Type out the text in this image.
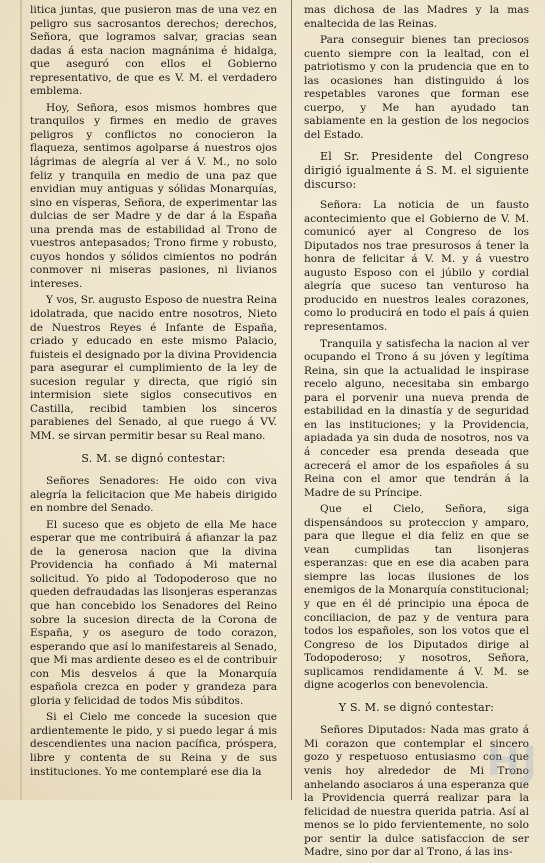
litica juntas, que pusieron mas de una vez en peligro sus sacrosantos derechos; derechos, Señora, que logramos salvar, gracias sean dadas á esta nacion magnánima é hidalga, que aseguró con ellos el Gobierno representativo, de que es V. M. el verdadero emblema.

Hoy, Señora, esos mismos hombres que tranquilos y firmes en medio de graves peligros y conflictos no conocieron la flaqueza, sentimos agolparse á nuestros ojos lágrimas de alegría al ver á V. M., no solo feliz y tranquila en medio de una paz que envidian muy antiguas y sólidas Monarquías, sino en vísperas, Señora, de experimentar las dulcias de ser Madre y de dar á la España una prenda mas de estabilidad al Trono de vuestros antepasados; Trono firme y robusto, cuyos hondos y sólidos cimientos no podrán conmover ni miseras pasiones, ni livianos intereses.

Y vos, Sr. augusto Esposo de nuestra Reina idolatrada, que nacido entre nosotros, Nieto de Nuestros Reyes é Infante de España, criado y educado en este mismo Palacio, fuisteis el designado por la divina Providencia para asegurar el cumplimiento de la ley de sucesion regular y directa, que rigió sin intermision siete siglos consecutivos en Castilla, recibid tambien los sinceros parabienes del Senado, al que ruego á VV. MM. se sirvan permitir besar su Real mano.

S. M. se dignó contestar:

Señores Senadores: He oido con viva alegría la felicitacion que Me habeis dirigido en nombre del Senado.

El suceso que es objeto de ella Me hace esperar que me contribuirá á afianzar la paz de la generosa nacion que la divina Providencia ha confiado á Mi maternal solicitud. Yo pido al Todopoderoso que no queden defraudadas las lisonjeras esperanzas que han concebido los Senadores del Reino sobre la sucesion directa de la Corona de España, y os aseguro de todo corazon, esperando que así lo manifestareis al Senado, que Mi mas ardiente deseo es el de contribuir con Mis desvelos á que la Monarquía española crezca en poder y grandeza para gloria y felicidad de todos Mis súbditos.

Si el Cielo me concede la sucesion que ardientemente le pido, y si puedo legar á mis descendientes una nacion pacífica, próspera, libre y contenta de su Reina y de sus instituciones. Yo me contemplaré ese dia la

mas dichosa de las Madres y la mas enaltecida de las Reinas.

Para conseguir bienes tan preciosos cuento siempre con la lealtad, con el patriotismo y con la prudencia que en to las ocasiones han distinguido á los respetables varones que forman ese cuerpo, y Me han ayudado tan sabiamente en la gestion de los negocios del Estado.

El Sr. Presidente del Congreso dirigió igualmente á S. M. el siguiente discurso:

Señora: La noticia de un fausto acontecimiento que el Gobierno de V. M. comunicó ayer al Congreso de los Diputados nos trae presurosos á tener la honra de felicitar á V. M. y á vuestro augusto Esposo con el júbilo y cordial alegría que suceso tan venturoso ha producido en nuestros leales corazones, como lo producirá en todo el país á quien representamos.

Tranquila y satisfecha la nacion al ver ocupando el Trono á su jóven y legítima Reina, sin que la actualidad le inspirase recelo alguno, necesitaba sin embargo para el porvenir una nueva prenda de estabilidad en la dinastía y de seguridad en las instituciones; y la Providencia, apiadada ya sin duda de nosotros, nos va á conceder esa prenda deseada que acrecerá el amor de los españoles á su Reina con el amor que tendrán á la Madre de su Príncipe.

Que el Cielo, Señora, siga dispensándoos su proteccion y amparo, para que llegue el dia feliz en que se vean cumplidas tan lisonjeras esperanzas: que en ese dia acaben para siempre las locas ilusiones de los enemigos de la Monarquía constitucional; y que en él dé principio una época de conciliacion, de paz y de ventura para todos los españoles, son los votos que el Congreso de los Diputados dirige al Todopoderoso; y nosotros, Señora, suplicamos rendidamente á V. M. se digne acogerlos con benevolencia.

Y S. M. se dignó contestar:

Señores Diputados: Nada mas grato á Mi corazon que contemplar el sincero gozo y respetuoso entusiasmo con que venis hoy alrededor de Mi Trono anhelando asociaros á una esperanza que la Providencia querrá realizar para la felicidad de nuestra querida patria. Así al menos se lo pido fervientemente, no solo por sentir la dulce satisfaccion de ser Madre, sino por dar al Trono, á las ins-

HJ
